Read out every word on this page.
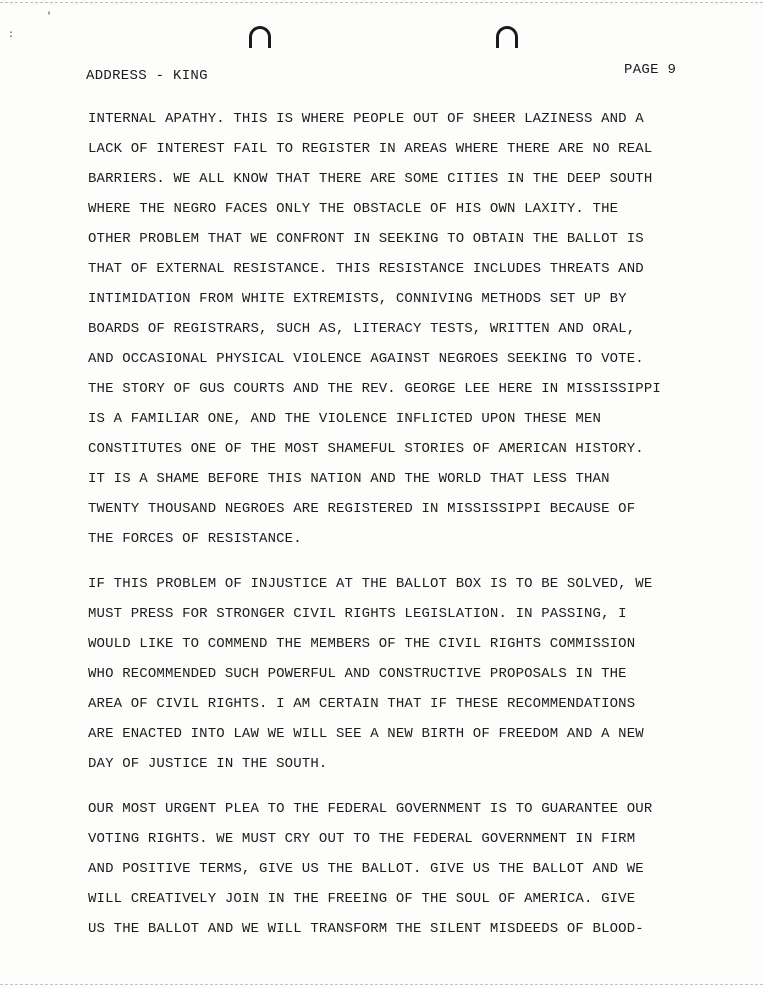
'
:
ADDRESS - KING	PAGE 9
INTERNAL APATHY. THIS IS WHERE PEOPLE OUT OF SHEER LAZINESS AND A
LACK OF INTEREST FAIL TO REGISTER IN AREAS WHERE THERE ARE NO REAL
BARRIERS. WE ALL KNOW THAT THERE ARE SOME CITIES IN THE DEEP SOUTH
WHERE THE NEGRO FACES ONLY THE OBSTACLE OF HIS OWN LAXITY. THE
OTHER PROBLEM THAT WE CONFRONT IN SEEKING TO OBTAIN THE BALLOT IS
THAT OF EXTERNAL RESISTANCE. THIS RESISTANCE INCLUDES THREATS AND
INTIMIDATION FROM WHITE EXTREMISTS, CONNIVING METHODS SET UP BY
BOARDS OF REGISTRARS, SUCH AS, LITERACY TESTS, WRITTEN AND ORAL,
AND OCCASIONAL PHYSICAL VIOLENCE AGAINST NEGROES SEEKING TO VOTE.
THE STORY OF GUS COURTS AND THE REV. GEORGE LEE HERE IN MISSISSIPPI
IS A FAMILIAR ONE, AND THE VIOLENCE INFLICTED UPON THESE MEN
CONSTITUTES ONE OF THE MOST SHAMEFUL STORIES OF AMERICAN HISTORY.
IT IS A SHAME BEFORE THIS NATION AND THE WORLD THAT LESS THAN
TWENTY THOUSAND NEGROES ARE REGISTERED IN MISSISSIPPI BECAUSE OF
THE FORCES OF RESISTANCE.
IF THIS PROBLEM OF INJUSTICE AT THE BALLOT BOX IS TO BE SOLVED, WE
MUST PRESS FOR STRONGER CIVIL RIGHTS LEGISLATION. IN PASSING, I
WOULD LIKE TO COMMEND THE MEMBERS OF THE CIVIL RIGHTS COMMISSION
WHO RECOMMENDED SUCH POWERFUL AND CONSTRUCTIVE PROPOSALS IN THE
AREA OF CIVIL RIGHTS. I AM CERTAIN THAT IF THESE RECOMMENDATIONS
ARE ENACTED INTO LAW WE WILL SEE A NEW BIRTH OF FREEDOM AND A NEW
DAY OF JUSTICE IN THE SOUTH.
OUR MOST URGENT PLEA TO THE FEDERAL GOVERNMENT IS TO GUARANTEE OUR
VOTING RIGHTS. WE MUST CRY OUT TO THE FEDERAL GOVERNMENT IN FIRM
AND POSITIVE TERMS, GIVE US THE BALLOT. GIVE US THE BALLOT AND WE
WILL CREATIVELY JOIN IN THE FREEING OF THE SOUL OF AMERICA. GIVE
US THE BALLOT AND WE WILL TRANSFORM THE SILENT MISDEEDS OF BLOOD-
